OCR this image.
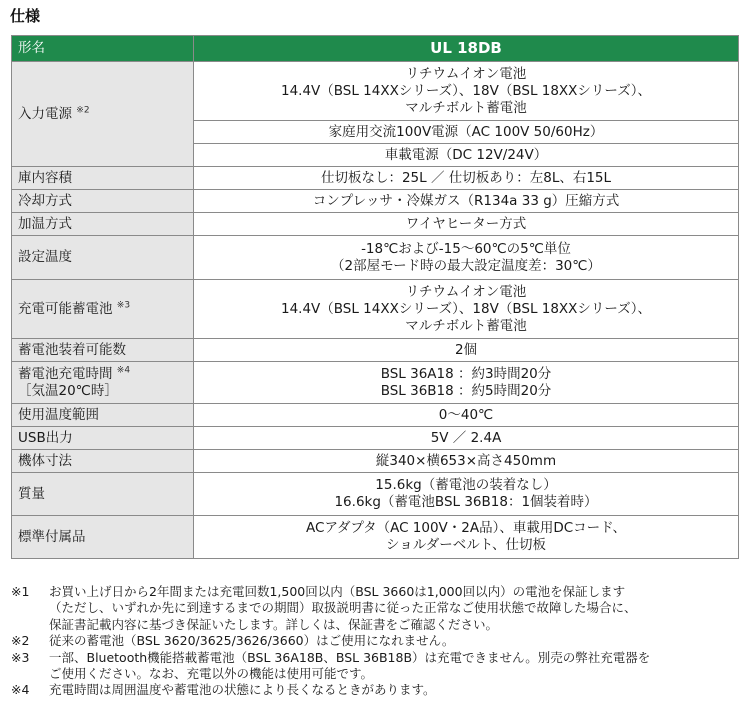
仕様
形名	UL 18DB
入力電源 $^{※2}$	リチウムイオン電池
14.4V（BSL 14XXシリーズ）、18V（BSL 18XXシリーズ）、
マルチボルト蓄電池

	家庭用交流100V電源（AC 100V 50/60Hz）
	車載電源（DC 12V/24V）
庫内容積	仕切板なし：25L ／ 仕切板あり：左8L、右15L
冷却方式	コンプレッサ・冷媒ガス（R134a 33 g）圧縮方式
加温方式	ワイヤヒーター方式
設定温度	-18℃および-15～60℃の5℃単位
（2部屋モード時の最大設定温度差：30℃）

充電可能蓄電池 $^{※3}$	リチウムイオン電池
14.4V（BSL 14XXシリーズ）、18V（BSL 18XXシリーズ）、
マルチボルト蓄電池

蓄電池装着可能数	2個

蓄電池充電時間 $^{※4}$
［気温20℃時］	BSL 36A18 ：約3時間20分
BSL 36B18 ：約5時間20分

使用温度範囲	0～40℃
USB出力	5V ／ 2.4A
機体寸法	縦340×横653×高さ450mm
質量	15.6kg（蓄電池の装着なし）
16.6kg（蓄電池BSL 36B18：1個装着時）

標準付属品	ACアダプタ（AC 100V・2A品）、車載用DCコード、
ショルダーベルト、仕切板
※1	お買い上げ日から2年間または充電回数1,500回以内（BSL 3660は1,000回以内）の電池を保証します
（ただし、いずれか先に到達するまでの期間）取扱説明書に従った正常なご使用状態で故障した場合に、
保証書記載内容に基づき保証いたします。詳しくは、保証書をご確認ください。
※2	従来の蓄電池（BSL 3620/3625/3626/3660）はご使用になれません。
※3	一部、Bluetooth機能搭載蓄電池（BSL 36A18B、BSL 36B18B）は充電できません。別売の弊社充電器を
ご使用ください。なお、充電以外の機能は使用可能です。
※4	充電時間は周囲温度や蓄電池の状態により長くなるときがあります。
